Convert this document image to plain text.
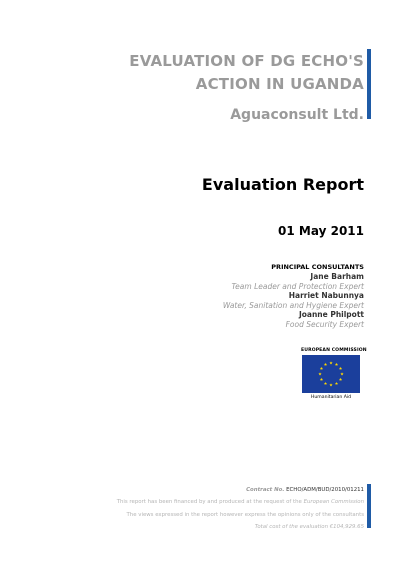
EVALUATION OF DG ECHO'S
ACTION IN UGANDA
Aguaconsult Ltd.
Evaluation Report
01 May 2011
PRINCIPAL CONSULTANTS
Jane Barham
Team Leader and Protection Expert
Harriet Nabunnya
Water, Sanitation and Hygiene Expert
Joanne Philpott
Food Security Expert
EUROPEAN COMMISSION
Humanitarian Aid
Contract No. ECHO/ADM/BUD/2010/01211
This report has been financed by and produced at the request of the European Commission
The views expressed in the report however express the opinions only of the consultants
Total cost of the evaluation €104,929.65
